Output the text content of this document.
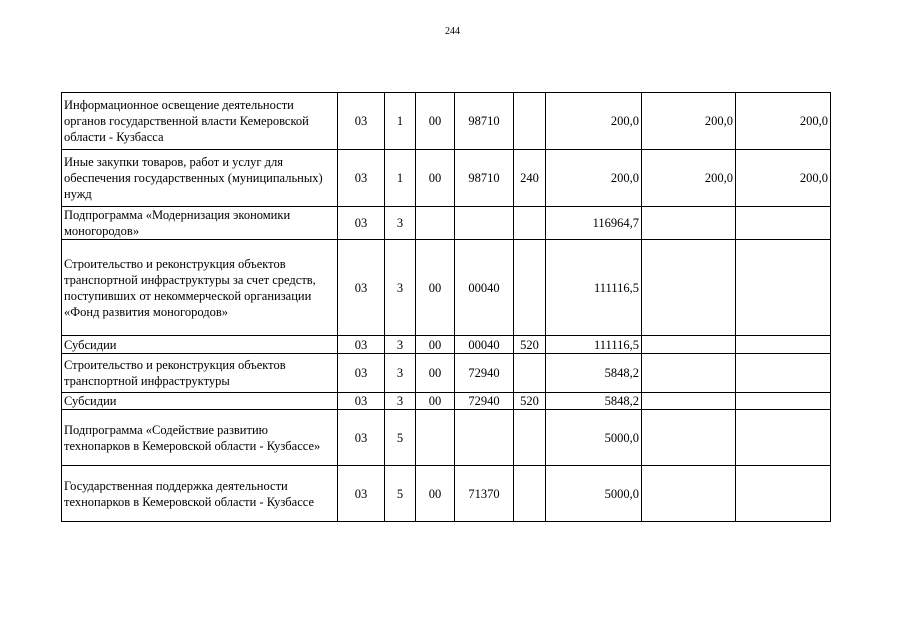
244
Информационное освещение деятельности органов государственной власти Кемеровской области - Кузбасса	03	1	00	98710		200,0	200,0	200,0
Иные закупки товаров, работ и услуг для обеспечения государственных (муниципальных) нужд	03	1	00	98710	240	200,0	200,0	200,0
Подпрограмма «Модернизация экономики моногородов»	03	3				116964,7		
Строительство и реконструкция объектов транспортной инфраструктуры за счет средств, поступивших от некоммерческой организации «Фонд развития моногородов»	03	3	00	00040		111116,5		
Субсидии	03	3	00	00040	520	111116,5		
Строительство и реконструкция объектов транспортной инфраструктуры	03	3	00	72940		5848,2		
Субсидии	03	3	00	72940	520	5848,2		
Подпрограмма «Содействие развитию технопарков в Кемеровской области - Кузбассе»	03	5				5000,0		
Государственная поддержка деятельности технопарков в Кемеровской области - Кузбассе	03	5	00	71370		5000,0		
